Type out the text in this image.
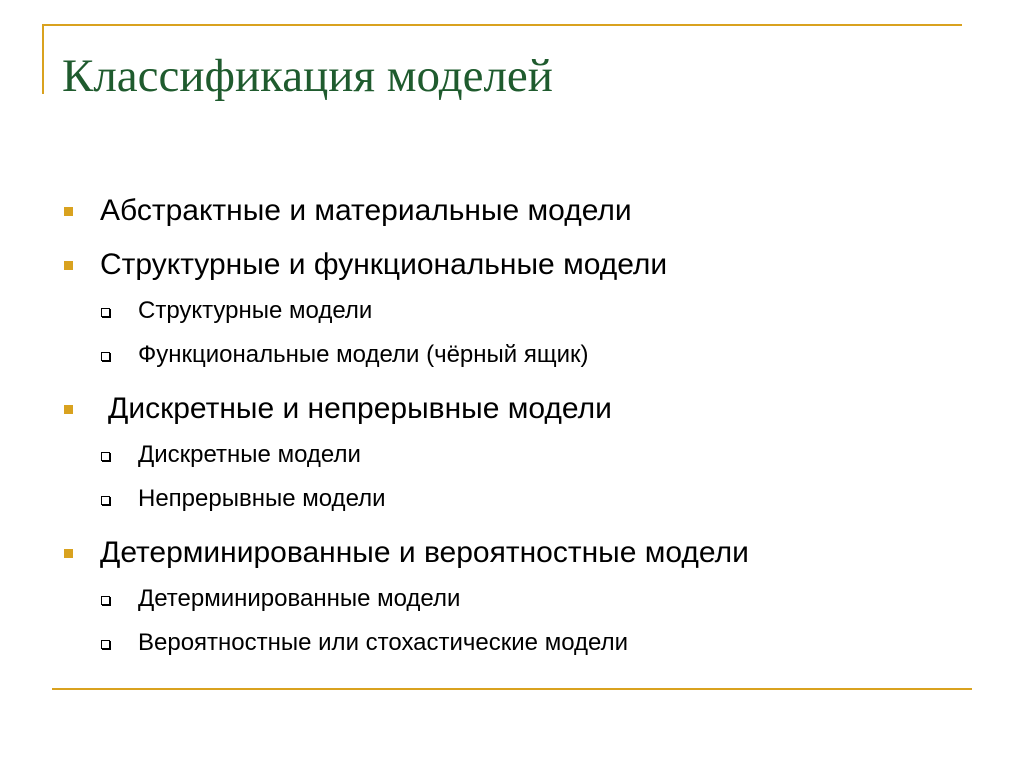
Классификация моделей
Абстрактные и материальные модели
Структурные и функциональные модели
Структурные модели
Функциональные модели (чёрный ящик)
Дискретные и непрерывные модели
Дискретные модели
Непрерывные модели
Детерминированные и вероятностные модели
Детерминированные модели
Вероятностные или стохастические модели
